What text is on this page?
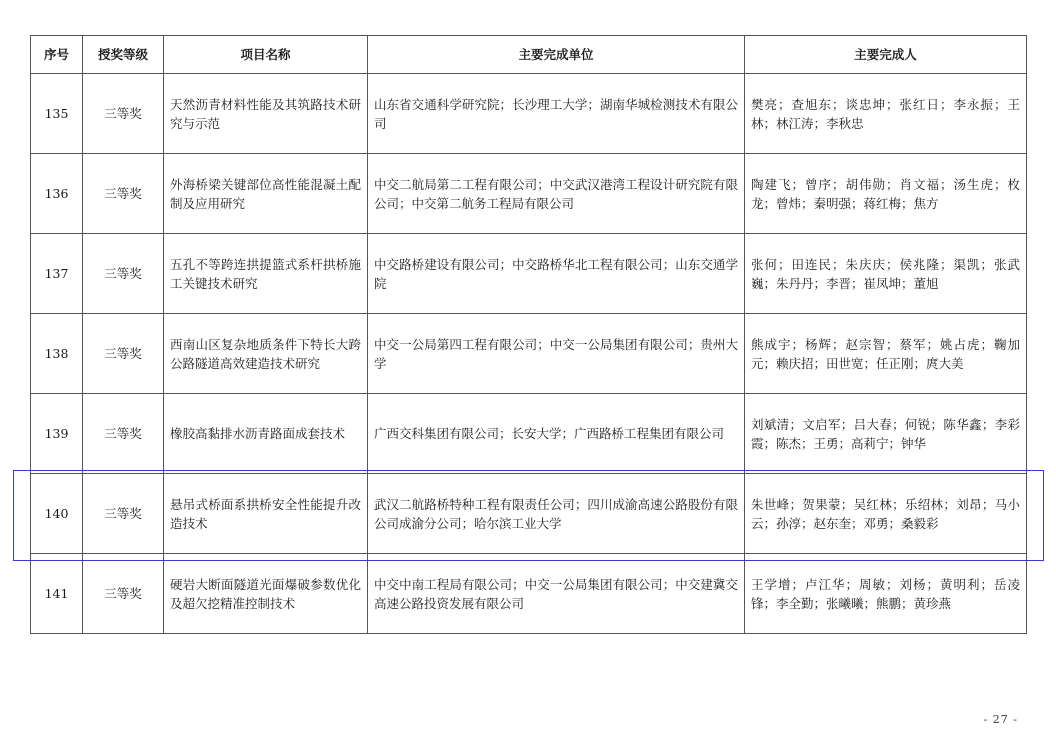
序号	授奖等级	项目名称	主要完成单位	主要完成人
135	三等奖	天然沥青材料性能及其筑路技术研究与示范	山东省交通科学研究院；长沙理工大学；湖南华城检测技术有限公司	樊亮；查旭东；谈忠坤；张红日；李永振；王林；林江涛；李秋忠
136	三等奖	外海桥梁关键部位高性能混凝土配制及应用研究	中交二航局第二工程有限公司；中交武汉港湾工程设计研究院有限公司；中交第二航务工程局有限公司	陶建飞；曾序；胡伟勋；肖文福；汤生虎；枚龙；曾炜；秦明强；蒋红梅；焦方
137	三等奖	五孔不等跨连拱提篮式系杆拱桥施工关键技术研究	中交路桥建设有限公司；中交路桥华北工程有限公司；山东交通学院	张何；田连民；朱庆庆；侯兆隆；渠凯；张武巍；朱丹丹；李晋；崔凤坤；董旭
138	三等奖	西南山区复杂地质条件下特长大跨公路隧道高效建造技术研究	中交一公局第四工程有限公司；中交一公局集团有限公司；贵州大学	熊成宇；杨辉；赵宗智；蔡军；姚占虎；鞠加元；赖庆招；田世宽；任正刚；庹大美
139	三等奖	橡胶高黏排水沥青路面成套技术	广西交科集团有限公司；长安大学；广西路桥工程集团有限公司	刘斌清；文启军；吕大春；何锐；陈华鑫；李彩霞；陈杰；王勇；高莉宁；钟华
140	三等奖	悬吊式桥面系拱桥安全性能提升改造技术	武汉二航路桥特种工程有限责任公司；四川成渝高速公路股份有限公司成渝分公司；哈尔滨工业大学	朱世峰；贺果蒙；吴红林；乐绍林；刘昂；马小云；孙淳；赵东奎；邓勇；桑毅彩
141	三等奖	硬岩大断面隧道光面爆破参数优化及超欠挖精准控制技术	中交中南工程局有限公司；中交一公局集团有限公司；中交建冀交高速公路投资发展有限公司	王学增；卢江华；周敏；刘杨；黄明利；岳凌锋；李全勤；张曦曦；熊鹏；黄珍燕
- 27 -
